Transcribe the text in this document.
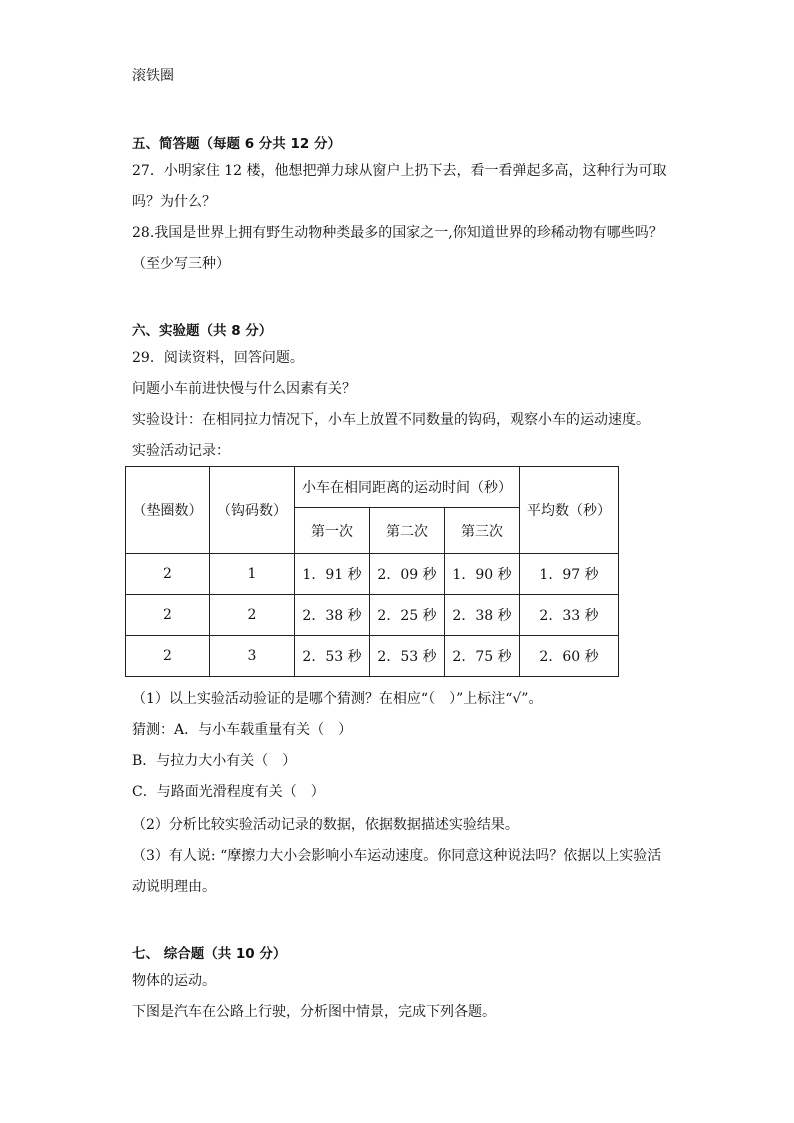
滚铁圈
五、简答题（每题 6 分共 12 分）
27．小明家住 12 楼，他想把弹力球从窗户上扔下去，看一看弹起多高，这种行为可取
吗？为什么？
28.我国是世界上拥有野生动物种类最多的国家之一,你知道世界的珍稀动物有哪些吗？
（至少写三种）
六、实验题（共 8 分）
29．阅读资料，回答问题。
问题小车前进快慢与什么因素有关？
实验设计：在相同拉力情况下，小车上放置不同数量的钩码，观察小车的运动速度。
实验活动记录：
（垫圈数）	（钩码数）	小车在相同距离的运动时间（秒）			平均数（秒）
		第一次	第二次	第三次	
2	1	1．91 秒	2．09 秒	1．90 秒	1．97 秒
2	2	2．38 秒	2．25 秒	2．38 秒	2．33 秒
2	3	2．53 秒	2．53 秒	2．75 秒	2．60 秒
（1）以上实验活动验证的是哪个猜测？在相应“（　）”上标注“√”。
猜测：A．与小车载重量有关（　）
B．与拉力大小有关（　）
C．与路面光滑程度有关（　）
（2）分析比较实验活动记录的数据，依据数据描述实验结果。
（3）有人说: “摩擦力大小会影响小车运动速度。你同意这种说法吗？依据以上实验活
动说明理由。
七、 综合题（共 10 分）
物体的运动。
下图是汽车在公路上行驶，分析图中情景，完成下列各题。
